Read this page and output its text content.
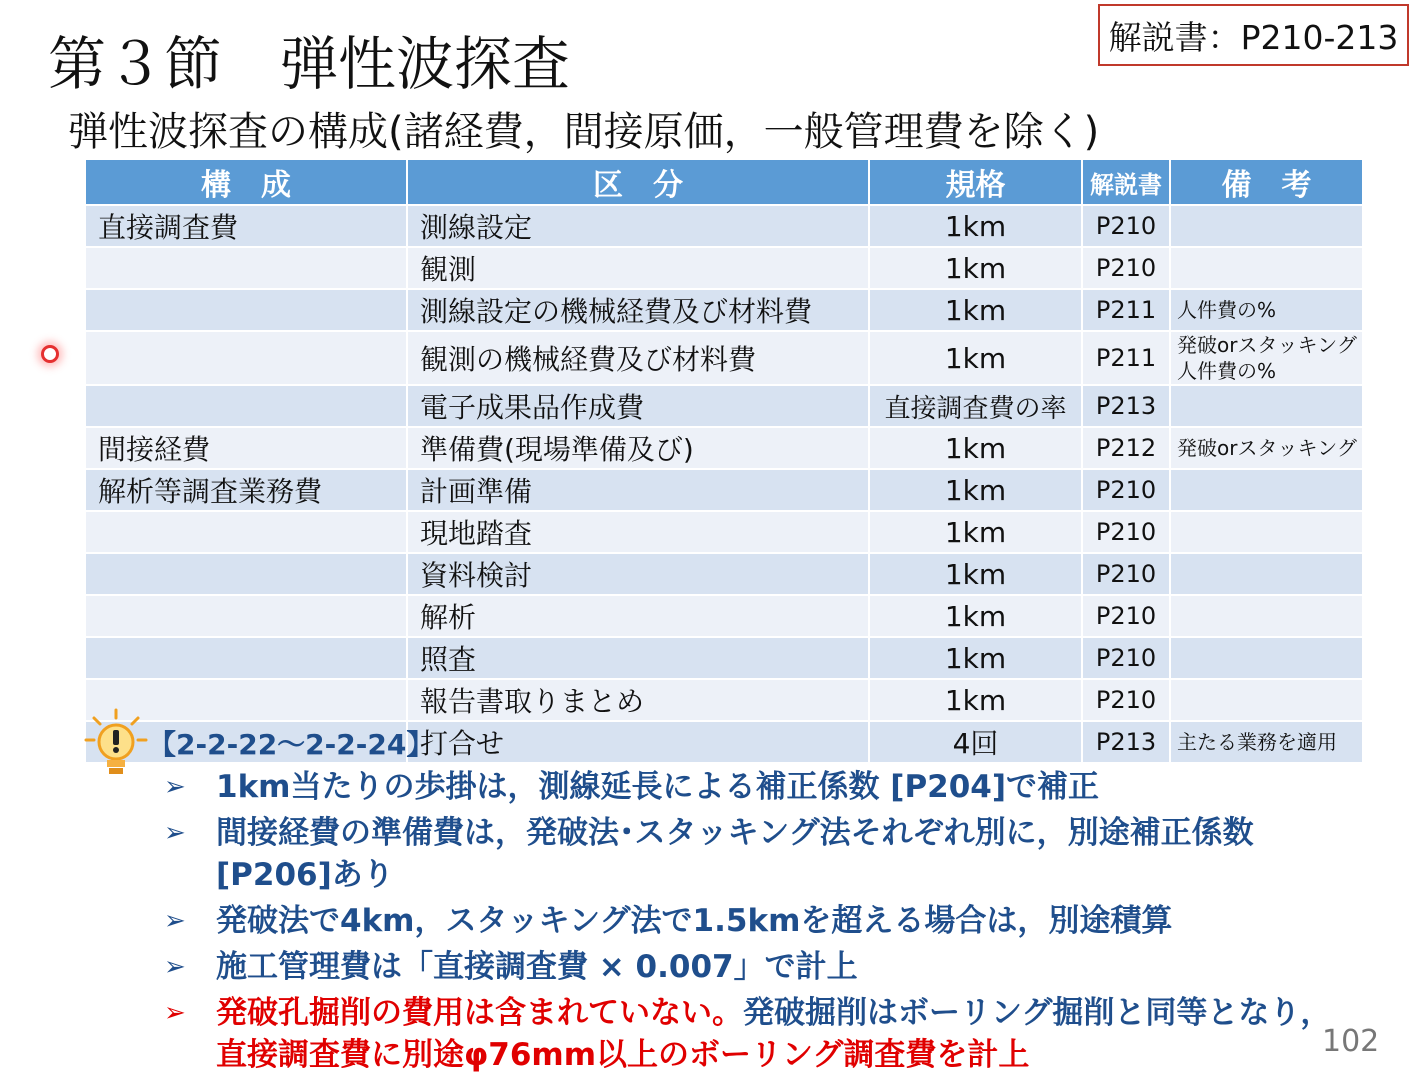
解説書：P210-213
第３節　弾性波探査
弾性波探査の構成(諸経費，間接原価，一般管理費を除く)
構　成	区　分	規格	解説書	備　考
直接調査費	測線設定	1km	P210	
	観測	1km	P210	
	測線設定の機械経費及び材料費	1km	P211	人件費の%
	観測の機械経費及び材料費	1km	P211	発破orスタッキング
人件費の%
	電子成果品作成費	直接調査費の率	P213	
間接経費	準備費(現場準備及び)	1km	P212	発破orスタッキング
解析等調査業務費	計画準備	1km	P210	
	現地踏査	1km	P210	
	資料検討	1km	P210	
	解析	1km	P210	
	照査	1km	P210	
	報告書取りまとめ	1km	P210	
	打合せ	4回	P213	主たる業務を適用
【2-2-22～2-2-24】
➢ 1km当たりの歩掛は，測線延長による補正係数 [P204]で補正
➢ 間接経費の準備費は，発破法･スタッキング法それぞれ別に，別途補正係数 [P206]あり
➢ 発破法で4km，スタッキング法で1.5kmを超える場合は，別途積算
➢ 施工管理費は「直接調査費 × 0.007」で計上
➢ 発破孔掘削の費用は含まれていない。発破掘削はボーリング掘削と同等となり，直接調査費に別途φ76mm以上のボーリング調査費を計上	102
